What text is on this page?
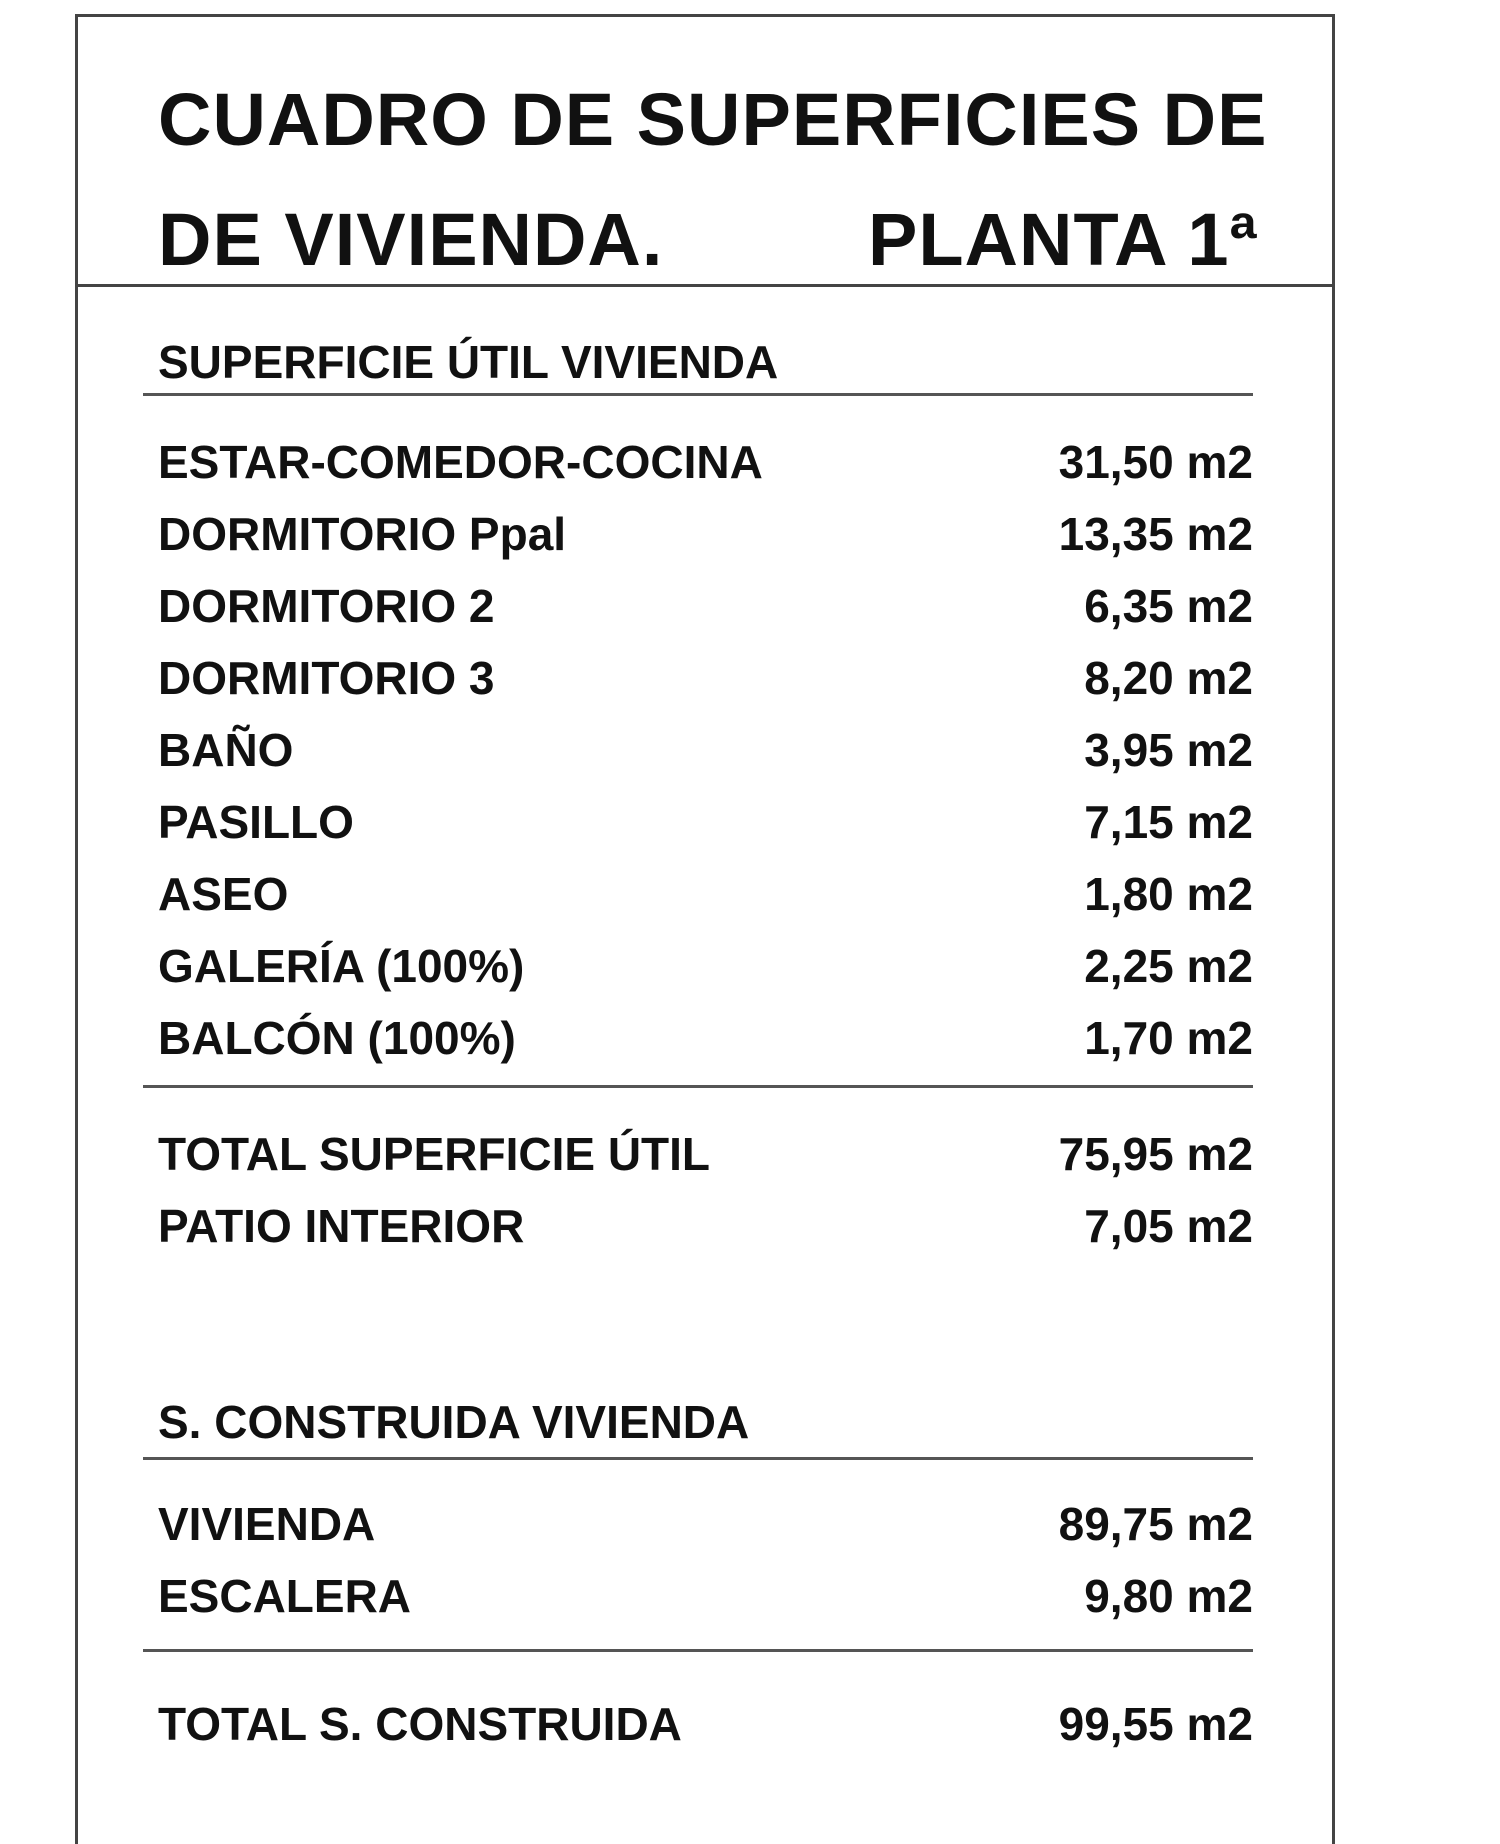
CUADRO DE SUPERFICIES DE
DE VIVIENDA.	PLANTA 1ª
SUPERFICIE ÚTIL VIVIENDA
ESTAR-COMEDOR-COCINA	31,50 m2
DORMITORIO Ppal	13,35 m2
DORMITORIO 2	6,35 m2
DORMITORIO 3	8,20 m2
BAÑO	3,95 m2
PASILLO	7,15 m2
ASEO	1,80 m2
GALERÍA (100%)	2,25 m2
BALCÓN (100%)	1,70 m2
TOTAL SUPERFICIE ÚTIL	75,95 m2
PATIO INTERIOR	7,05 m2
S. CONSTRUIDA VIVIENDA
VIVIENDA	89,75 m2
ESCALERA	9,80 m2
TOTAL S. CONSTRUIDA	99,55 m2
